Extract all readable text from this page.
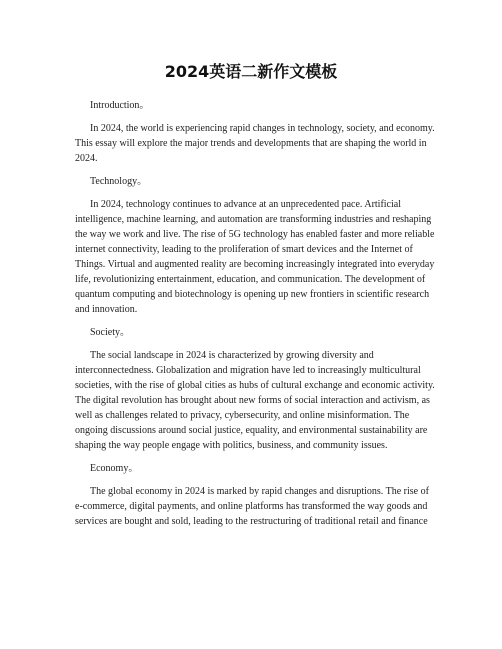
2024英语二新作文模板

Introduction。

In 2024, the world is experiencing rapid changes in technology, society, and economy. This essay will explore the major trends and developments that are shaping the world in 2024.

Technology。

In 2024, technology continues to advance at an unprecedented pace. Artificial intelligence, machine learning, and automation are transforming industries and reshaping the way we work and live. The rise of 5G technology has enabled faster and more reliable internet connectivity, leading to the proliferation of smart devices and the Internet of Things. Virtual and augmented reality are becoming increasingly integrated into everyday life, revolutionizing entertainment, education, and communication. The development of quantum computing and biotechnology is opening up new frontiers in scientific research and innovation.

Society。

The social landscape in 2024 is characterized by growing diversity and interconnectedness. Globalization and migration have led to increasingly multicultural societies, with the rise of global cities as hubs of cultural exchange and economic activity. The digital revolution has brought about new forms of social interaction and activism, as well as challenges related to privacy, cybersecurity, and online misinformation. The ongoing discussions around social justice, equality, and environmental sustainability are shaping the way people engage with politics, business, and community issues.

Economy。

The global economy in 2024 is marked by rapid changes and disruptions. The rise of e-commerce, digital payments, and online platforms has transformed the way goods and services are bought and sold, leading to the restructuring of traditional retail and finance
